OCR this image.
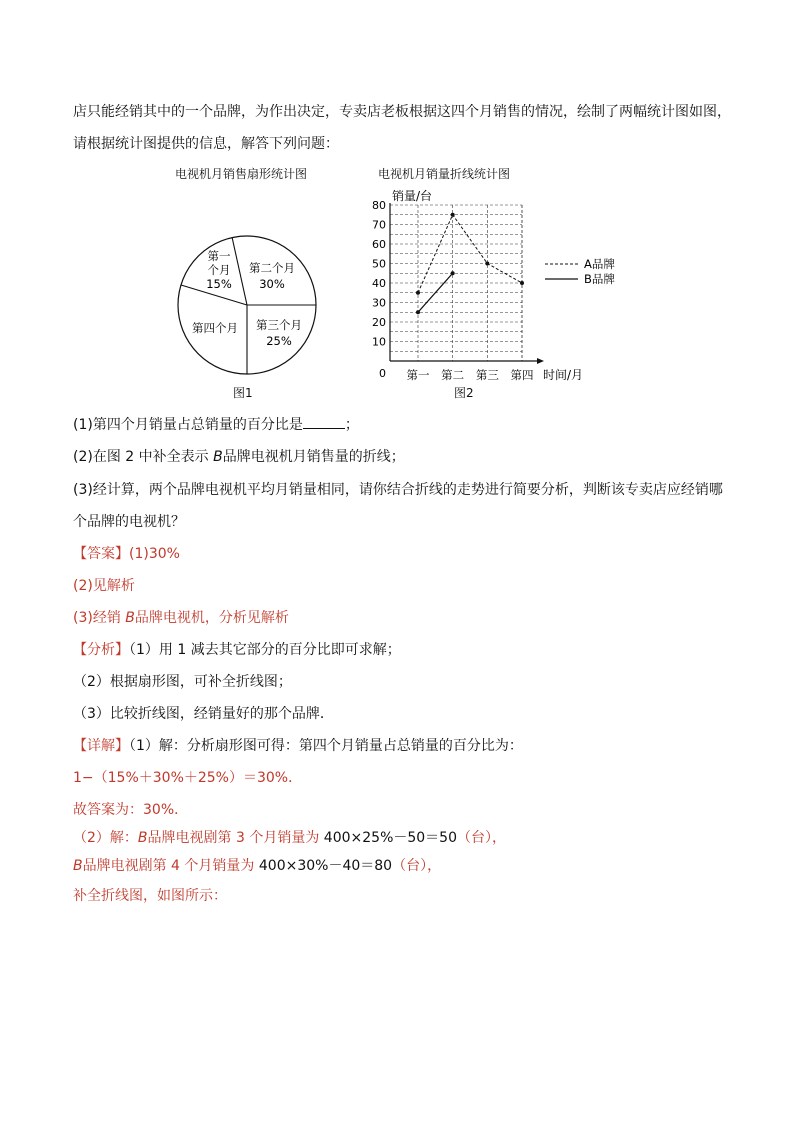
店只能经销其中的一个品牌，为作出决定，专卖店老板根据这四个月销售的情况，绘制了两幅统计图如图，
请根据统计图提供的信息，解答下列问题：
电视机月销售扇形统计图
第一
个月
15%
第二个月
30%
第三个月
25%
第四个月
图1
电视机月销量折线统计图
销量/台
0	时间/月
10
20
30
40
50
60
70
80
第一 第二 第三 第四
A品牌
B品牌
图2
(1)第四个月销量占总销量的百分比是	；
(2)在图 2 中补全表示 B品牌电视机月销售量的折线；
(3)经计算，两个品牌电视机平均月销量相同，请你结合折线的走势进行简要分析，判断该专卖店应经销哪
个品牌的电视机？
【答案】(1)30%
(2)见解析
(3)经销 B品牌电视机，分析见解析
【分析】（1）用 1 减去其它部分的百分比即可求解；
（2）根据扇形图，可补全折线图；
（3）比较折线图，经销量好的那个品牌．
【详解】（1）解：分析扇形图可得：第四个月销量占总销量的百分比为：
1−（15%＋30%＋25%）＝30%．
故答案为：30%．
（2）解：B品牌电视剧第 3 个月销量为 400×25%－50＝50（台），
B品牌电视剧第 4 个月销量为 400×30%－40＝80（台），
补全折线图，如图所示：
